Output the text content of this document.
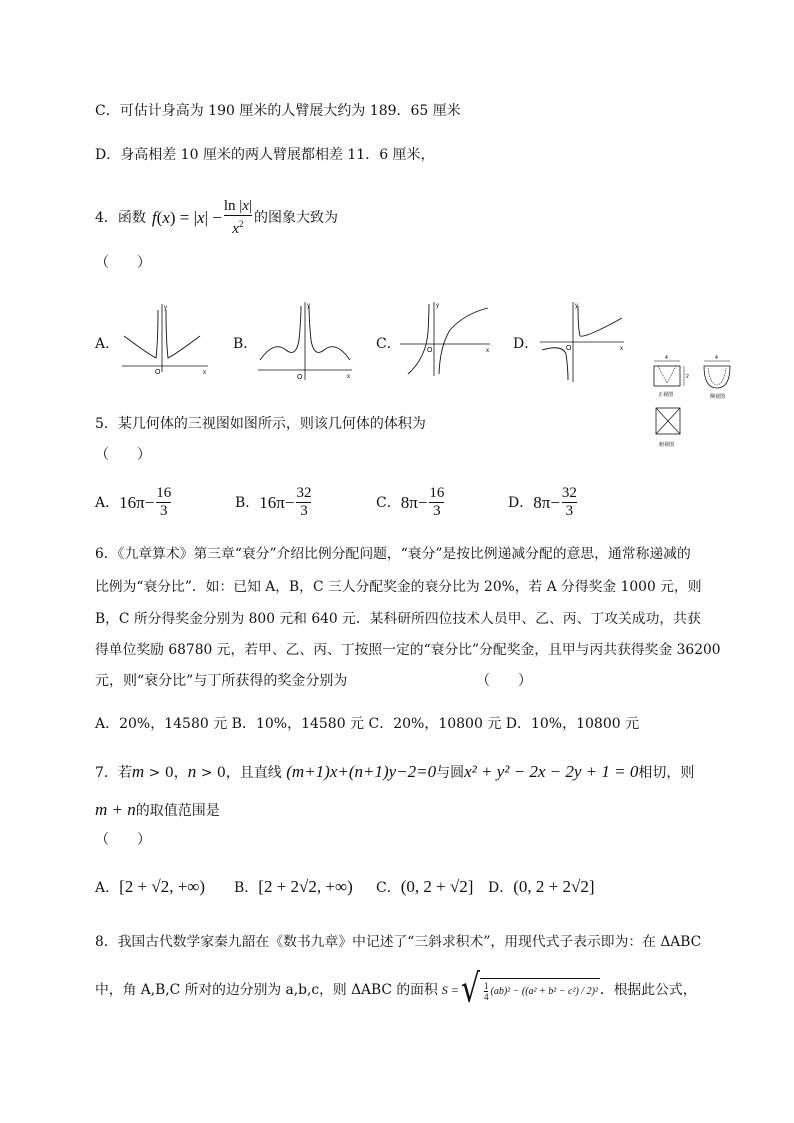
C．可估计身高为 190 厘米的人臂展大约为 189．65 厘米
D．身高相差 10 厘米的两人臂展都相差 11．6 厘米，
4．函数 f ( x ) = | x | −
ln |x|
$x^2$ 的图象大致为
（　　）
A．	B．	C．	D．
y
x
O
y
x
O
y
x
O
y
x
O
4
2
正视图
4
侧视图
俯视图
5．某几何体的三视图如图所示，则该几何体的体积为
（　　）
A． 16π− 16
3
B． 16π− 32
3
C． 8π− 16
3
D． 8π− 32
3
6．《九章算术》第三章“衰分”介绍比例分配问题，“衰分”是按比例递减分配的意思，通常称递减的
比例为“衰分比”．如：已知 A，B，C 三人分配奖金的衰分比为 20%，若 A 分得奖金 1000 元，则
B，C 所分得奖金分别为 800 元和 640 元．某科研所四位技术人员甲、乙、丙、丁攻关成功，共获
得单位奖励 68780 元，若甲、乙、丙、丁按照一定的“衰分比”分配奖金，且甲与丙共获得奖金 36200
元，则“衰分比”与丁所获得的奖金分别为	（　　）
A．20%，14580 元 B．10%，14580 元 C．20%，10800 元 D．10%，10800 元
7．若m > 0，n > 0，且直线 (m+1)x+(n+1)y−2=0与圆x² + y² − 2x − 2y + 1 = 0相切，则
m + n的取值范围是
（　　）
A．[2 + √2, +∞) B．[2 + 2√2, +∞) C．(0, 2 + √2] D．(0, 2 + 2√2]
8．我国古代数学家秦九韶在《数书九章》中记述了“三斜求积术”，用现代式子表示即为：在 ΔABC
中，角 A,B,C 所对的边分别为 a,b,c，则 ΔABC 的面积 S = √ 1
4
(ab)² − ((a² + b² − c²) / 2)² ．根据此公式，
